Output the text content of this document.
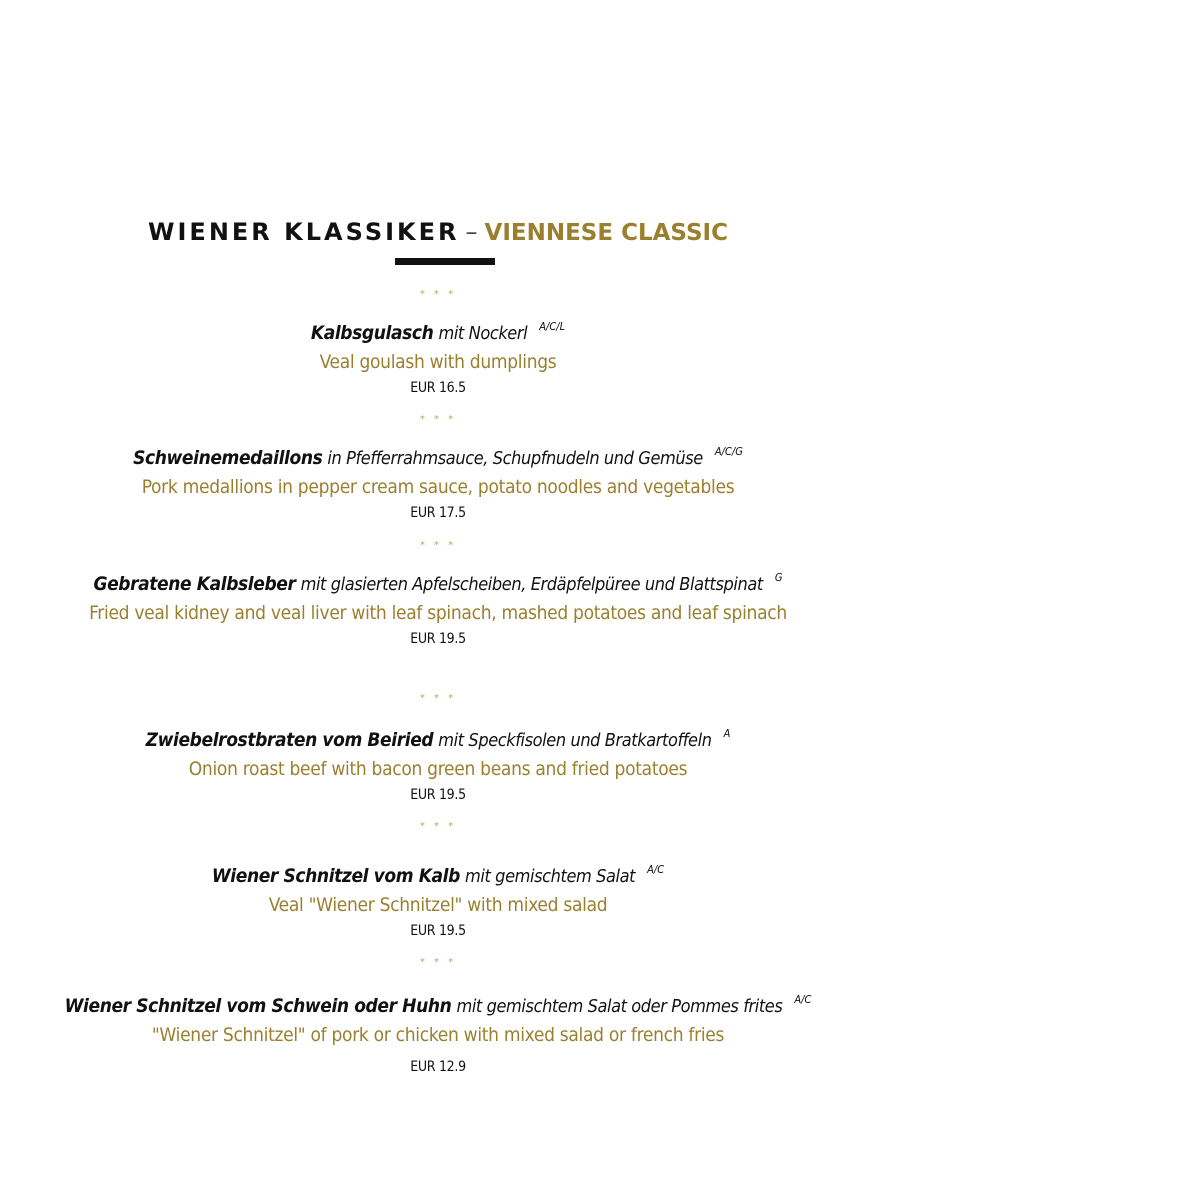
WIENER KLASSIKER – VIENNESE CLASSIC
* * *
Kalbsgulasch mit Nockerl $^{A/C/L}$
Veal goulash with dumplings
EUR 16.5
* * *
Schweinemedaillons in Pfefferrahmsauce, Schupfnudeln und Gemüse $^{A/C/G}$
Pork medallions in pepper cream sauce, potato noodles and vegetables
EUR 17.5
* * *
Gebratene Kalbsleber mit glasierten Apfelscheiben, Erdäpfelpüree und Blattspinat $^G$
Fried veal kidney and veal liver with leaf spinach, mashed potatoes and leaf spinach
EUR 19.5
* * *
Zwiebelrostbraten vom Beiried mit Speckfisolen und Bratkartoffeln $^A$
Onion roast beef with bacon green beans and fried potatoes
EUR 19.5
* * *
Wiener Schnitzel vom Kalb mit gemischtem Salat $^{A/C}$
Veal "Wiener Schnitzel" with mixed salad
EUR 19.5
* * *
Wiener Schnitzel vom Schwein oder Huhn mit gemischtem Salat oder Pommes frites $^{A/C}$
"Wiener Schnitzel" of pork or chicken with mixed salad or french fries
EUR 12.9
